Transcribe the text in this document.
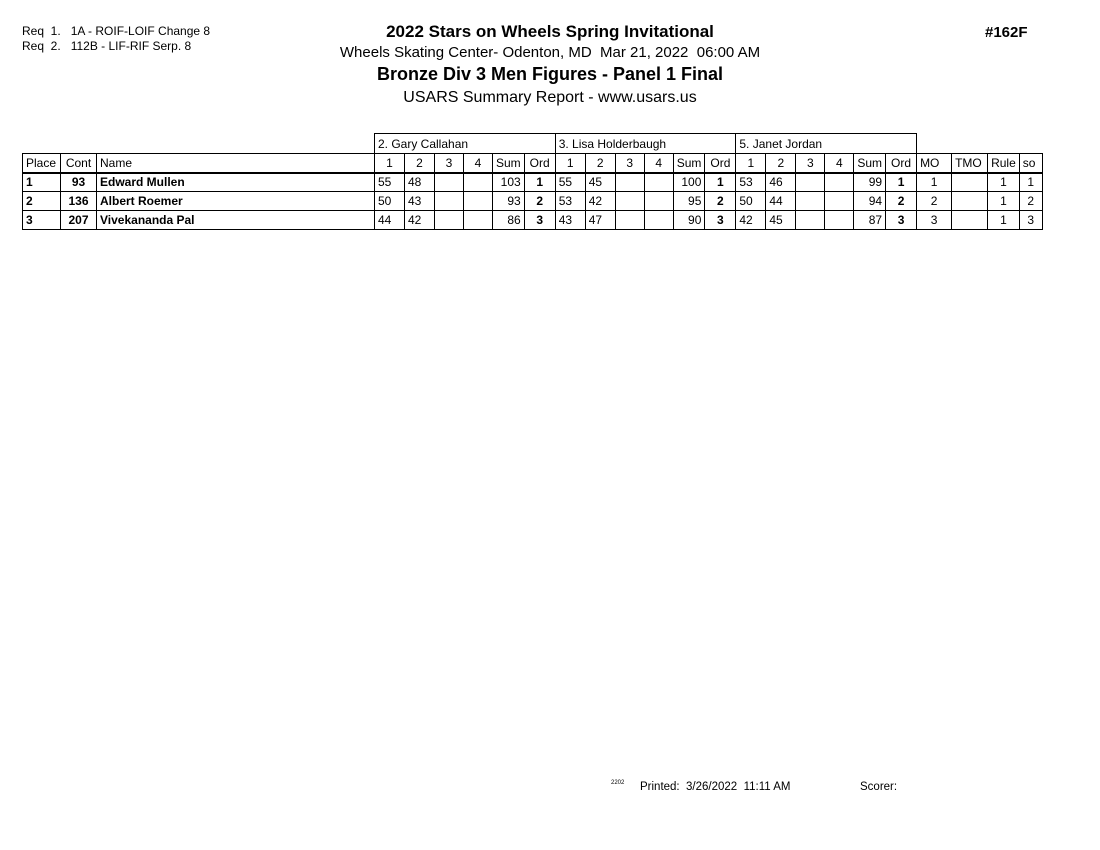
Req  1.   1A - ROIF-LOIF Change 8
Req  2.   112B - LIF-RIF Serp. 8
2022 Stars on Wheels Spring Invitational
Wheels Skating Center- Odenton, MD  Mar 21, 2022  06:00 AM
Bronze Div 3 Men Figures - Panel 1 Final
USARS Summary Report - www.usars.us
#162F
			2. Gary Callahan						3. Lisa Holderbaugh						5. Janet Jordan									
Place	Cont	Name	1	2	3	4	Sum	Ord	1	2	3	4	Sum	Ord	1	2	3	4	Sum	Ord	MO	TMO	Rule	so
1	93	Edward Mullen	55	48			103	1	55	45			100	1	53	46			99	1	1		1	1
2	136	Albert Roemer	50	43			93	2	53	42			95	2	50	44			94	2	2		1	2
3	207	Vivekananda Pal	44	42			86	3	43	47			90	3	42	45			87	3	3		1	3
2202 Printed:  3/26/2022  11:11 AM	Scorer:
